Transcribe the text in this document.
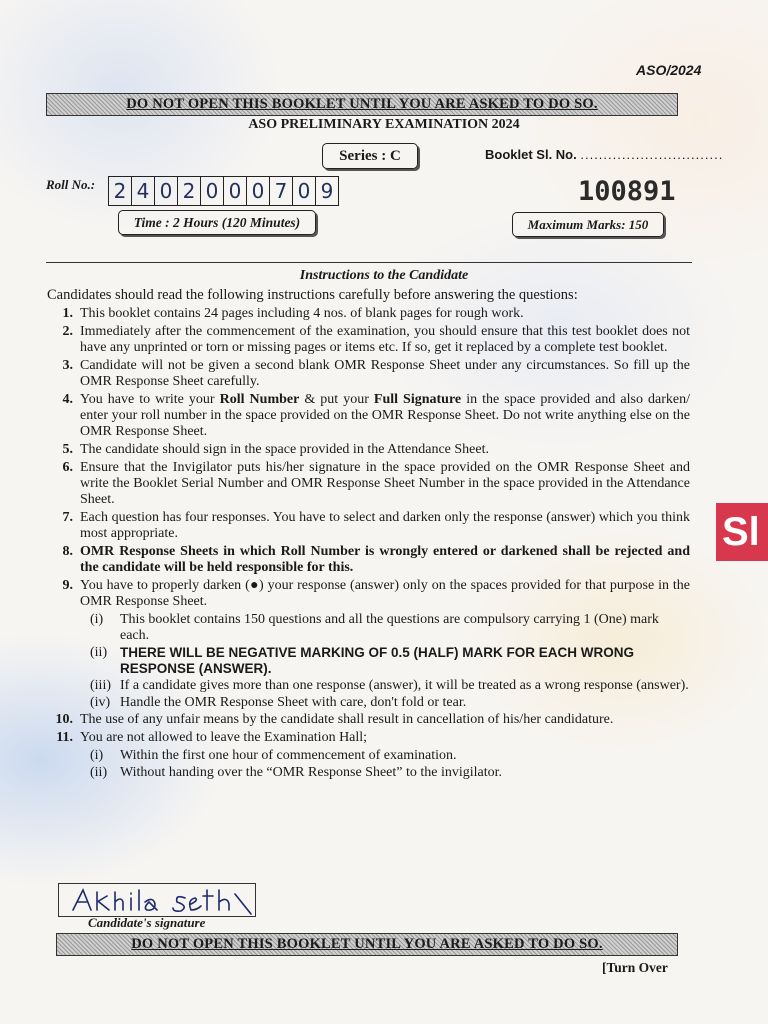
ASO/2024
DO NOT OPEN THIS BOOKLET UNTIL YOU ARE ASKED TO DO SO.
ASO PRELIMINARY EXAMINATION 2024
Series : C	Booklet Sl. No. ...............................
100891
Roll No.: 2 4 0 2 0 0 0 7 0 9
Time : 2 Hours (120 Minutes)	Maximum Marks: 150
Instructions to the Candidate
Candidates should read the following instructions carefully before answering the questions:
1. This booklet contains 24 pages including 4 nos. of blank pages for rough work.
2. Immediately after the commencement of the examination, you should ensure that this test booklet does not have any unprinted or torn or missing pages or items etc. If so, get it replaced by a complete test booklet.
3. Candidate will not be given a second blank OMR Response Sheet under any circumstances. So fill up the OMR Response Sheet carefully.
4. You have to write your Roll Number & put your Full Signature in the space provided and also darken/ enter your roll number in the space provided on the OMR Response Sheet. Do not write anything else on the OMR Response Sheet.
5. The candidate should sign in the space provided in the Attendance Sheet.
6. Ensure that the Invigilator puts his/her signature in the space provided on the OMR Response Sheet and write the Booklet Serial Number and OMR Response Sheet Number in the space provided in the Attendance Sheet.
7. Each question has four responses. You have to select and darken only the response (answer) which you think most appropriate.
8. OMR Response Sheets in which Roll Number is wrongly entered or darkened shall be rejected and the candidate will be held responsible for this.
9. You have to properly darken (●) your response (answer) only on the spaces provided for that purpose in the OMR Response Sheet.
(i)	This booklet contains 150 questions and all the questions are compulsory carrying 1 (One) mark each.
(ii) THERE WILL BE NEGATIVE MARKING OF 0.5 (HALF) MARK FOR EACH WRONG RESPONSE (ANSWER).
(iii) If a candidate gives more than one response (answer), it will be treated as a wrong response (answer).
(iv) Handle the OMR Response Sheet with care, don't fold or tear.
10. The use of any unfair means by the candidate shall result in cancellation of his/her candidature.
11. You are not allowed to leave the Examination Hall;
(i)	Within the first one hour of commencement of examination.
(ii) Without handing over the “OMR Response Sheet” to the invigilator.
Candidate's signature
DO NOT OPEN THIS BOOKLET UNTIL YOU ARE ASKED TO DO SO.
[Turn Over
Sl
